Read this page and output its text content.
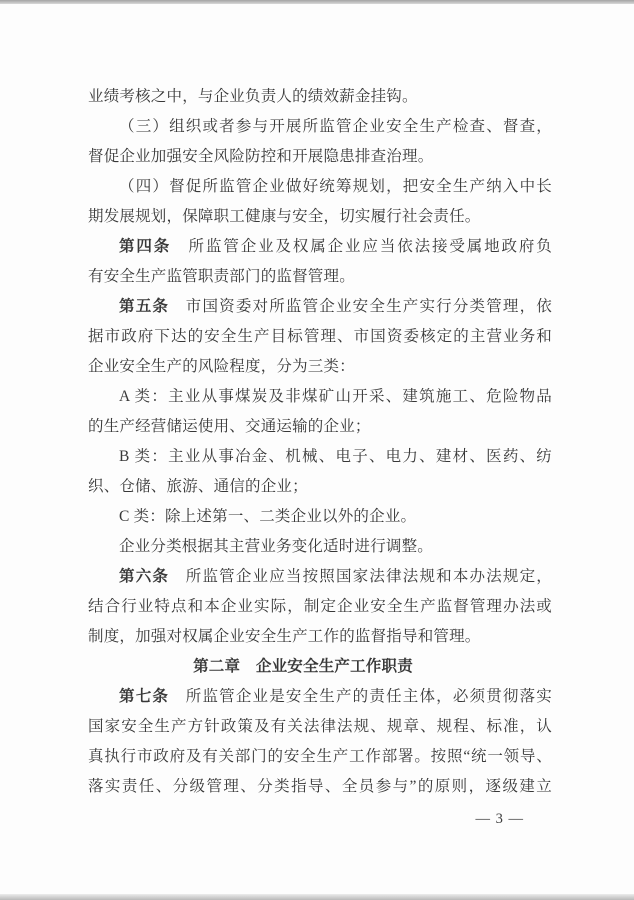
业绩考核之中，与企业负责人的绩效薪金挂钩。
（三）组织或者参与开展所监管企业安全生产检查、督查，
督促企业加强安全风险防控和开展隐患排查治理。
（四）督促所监管企业做好统筹规划，把安全生产纳入中长
期发展规划，保障职工健康与安全，切实履行社会责任。
第四条　所监管企业及权属企业应当依法接受属地政府负
有安全生产监管职责部门的监督管理。
第五条　市国资委对所监管企业安全生产实行分类管理，依
据市政府下达的安全生产目标管理、市国资委核定的主营业务和
企业安全生产的风险程度，分为三类：
A 类：主业从事煤炭及非煤矿山开采、建筑施工、危险物品
的生产经营储运使用、交通运输的企业；
B 类：主业从事冶金、机械、电子、电力、建材、医药、纺
织、仓储、旅游、通信的企业；
C 类：除上述第一、二类企业以外的企业。
企业分类根据其主营业务变化适时进行调整。
第六条　所监管企业应当按照国家法律法规和本办法规定，
结合行业特点和本企业实际，制定企业安全生产监督管理办法或
制度，加强对权属企业安全生产工作的监督指导和管理。
第二章　企业安全生产工作职责
第七条　所监管企业是安全生产的责任主体，必须贯彻落实
国家安全生产方针政策及有关法律法规、规章、规程、标准，认
真执行市政府及有关部门的安全生产工作部署。按照“统一领导、
落实责任、分级管理、分类指导、全员参与”的原则，逐级建立
— 3 —
